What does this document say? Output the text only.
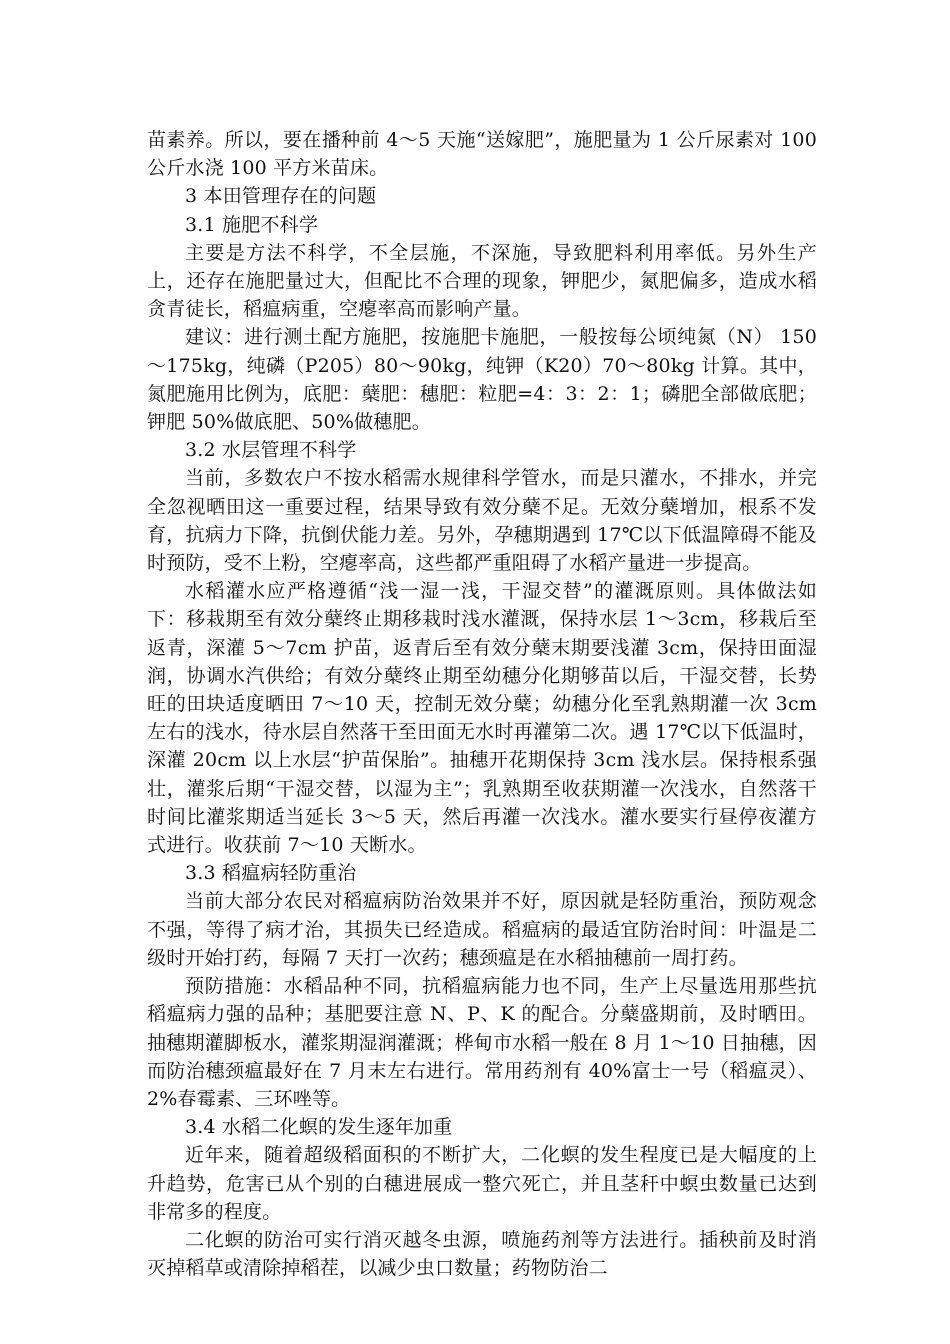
苗素养。所以，要在播种前 4～5 天施“送嫁肥”，施肥量为 1 公斤尿素对 100 公斤水浇 100 平方米苗床。

3 本田管理存在的问题

3.1 施肥不科学

主要是方法不科学，不全层施，不深施，导致肥料利用率低。另外生产上，还存在施肥量过大，但配比不合理的现象，钾肥少，氮肥偏多，造成水稻贪青徒长，稻瘟病重，空瘪率高而影响产量。

建议：进行测土配方施肥，按施肥卡施肥，一般按每公顷纯氮（N） 150～175kg，纯磷（P205）80～90kg，纯钾（K20）70～80kg 计算。其中，氮肥施用比例为，底肥：蘖肥：穗肥：粒肥=4：3：2：1；磷肥全部做底肥；钾肥 50%做底肥、50%做穗肥。

3.2 水层管理不科学

当前，多数农户不按水稻需水规律科学管水，而是只灌水，不排水，并完全忽视晒田这一重要过程，结果导致有效分蘖不足。无效分蘖增加，根系不发育，抗病力下降，抗倒伏能力差。另外，孕穗期遇到 17℃以下低温障碍不能及时预防，受不上粉，空瘪率高，这些都严重阻碍了水稻产量进一步提高。

水稻灌水应严格遵循“浅一湿一浅，干湿交替”的灌溉原则。具体做法如下：移栽期至有效分蘖终止期移栽时浅水灌溉，保持水层 1～3cm，移栽后至返青，深灌 5～7cm 护苗，返青后至有效分蘖末期要浅灌 3cm，保持田面湿润，协调水汽供给；有效分蘖终止期至幼穗分化期够苗以后，干湿交替，长势旺的田块适度晒田 7～10 天，控制无效分蘖；幼穗分化至乳熟期灌一次 3cm 左右的浅水，待水层自然落干至田面无水时再灌第二次。遇 17℃以下低温时，深灌 20cm 以上水层“护苗保胎”。抽穗开花期保持 3cm 浅水层。保持根系强壮，灌浆后期“干湿交替，以湿为主”；乳熟期至收获期灌一次浅水，自然落干时间比灌浆期适当延长 3～5 天，然后再灌一次浅水。灌水要实行昼停夜灌方式进行。收获前 7～10 天断水。

3.3 稻瘟病轻防重治

当前大部分农民对稻瘟病防治效果并不好，原因就是轻防重治，预防观念不强，等得了病才治，其损失已经造成。稻瘟病的最适宜防治时间：叶温是二级时开始打药，每隔 7 天打一次药；穗颈瘟是在水稻抽穗前一周打药。

预防措施：水稻品种不同，抗稻瘟病能力也不同，生产上尽量选用那些抗稻瘟病力强的品种；基肥要注意 N、P、K 的配合。分蘖盛期前，及时晒田。抽穗期灌脚板水，灌浆期湿润灌溉；桦甸市水稻一般在 8 月 1～10 日抽穗，因而防治穗颈瘟最好在 7 月末左右进行。常用药剂有 40%富士一号（稻瘟灵）、2%春霉素、三环唑等。

3.4 水稻二化螟的发生逐年加重

近年来，随着超级稻面积的不断扩大，二化螟的发生程度已是大幅度的上升趋势，危害已从个别的白穗进展成一整穴死亡，并且茎秆中螟虫数量已达到非常多的程度。

二化螟的防治可实行消灭越冬虫源，喷施药剂等方法进行。插秧前及时消灭掉稻草或清除掉稻茬，以减少虫口数量；药物防治二
